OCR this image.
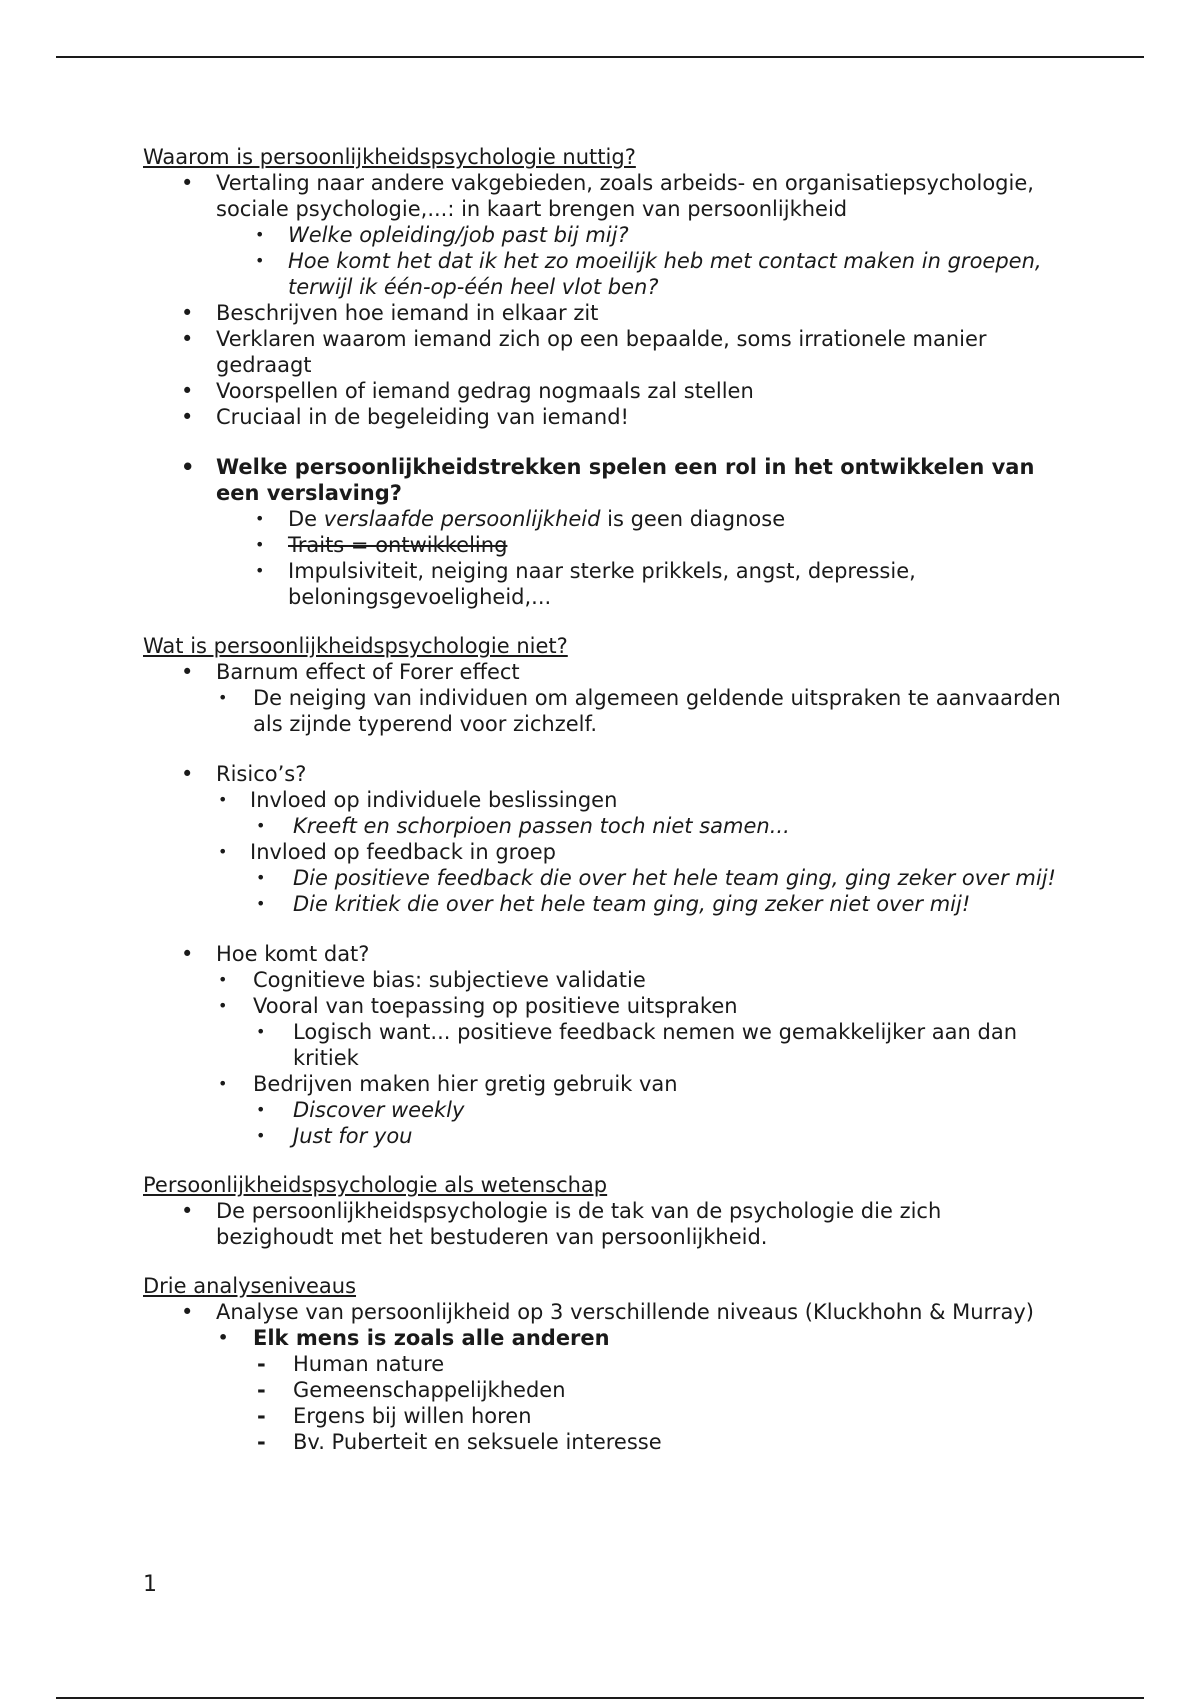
Waarom is persoonlijkheidspsychologie nuttig?
• Vertaling naar andere vakgebieden, zoals arbeids- en organisatiepsychologie, sociale psychologie,...: in kaart brengen van persoonlijkheid
• Welke opleiding/job past bij mij?
• Hoe komt het dat ik het zo moeilijk heb met contact maken in groepen, terwijl ik één-op-één heel vlot ben?
• Beschrijven hoe iemand in elkaar zit
• Verklaren waarom iemand zich op een bepaalde, soms irrationele manier gedraagt
• Voorspellen of iemand gedrag nogmaals zal stellen
• Cruciaal in de begeleiding van iemand!
• Welke persoonlijkheidstrekken spelen een rol in het ontwikkelen van een verslaving?
• De verslaafde persoonlijkheid is geen diagnose
• Traits = ontwikkeling
• Impulsiviteit, neiging naar sterke prikkels, angst, depressie, beloningsgevoeligheid,...
Wat is persoonlijkheidspsychologie niet?
• Barnum effect of Forer effect
• De neiging van individuen om algemeen geldende uitspraken te aanvaarden als zijnde typerend voor zichzelf.
• Risico’s?
• Invloed op individuele beslissingen
• Kreeft en schorpioen passen toch niet samen...
• Invloed op feedback in groep
• Die positieve feedback die over het hele team ging, ging zeker over mij!
• Die kritiek die over het hele team ging, ging zeker niet over mij!
• Hoe komt dat?
• Cognitieve bias: subjectieve validatie
• Vooral van toepassing op positieve uitspraken
• Logisch want... positieve feedback nemen we gemakkelijker aan dan kritiek
• Bedrijven maken hier gretig gebruik van
• Discover weekly
• Just for you
Persoonlijkheidspsychologie als wetenschap
• De persoonlijkheidspsychologie is de tak van de psychologie die zich bezighoudt met het bestuderen van persoonlijkheid.
Drie analyseniveaus
• Analyse van persoonlijkheid op 3 verschillende niveaus (Kluckhohn & Murray)
• Elk mens is zoals alle anderen
- Human nature
- Gemeenschappelijkheden
- Ergens bij willen horen
- Bv. Puberteit en seksuele interesse
1
